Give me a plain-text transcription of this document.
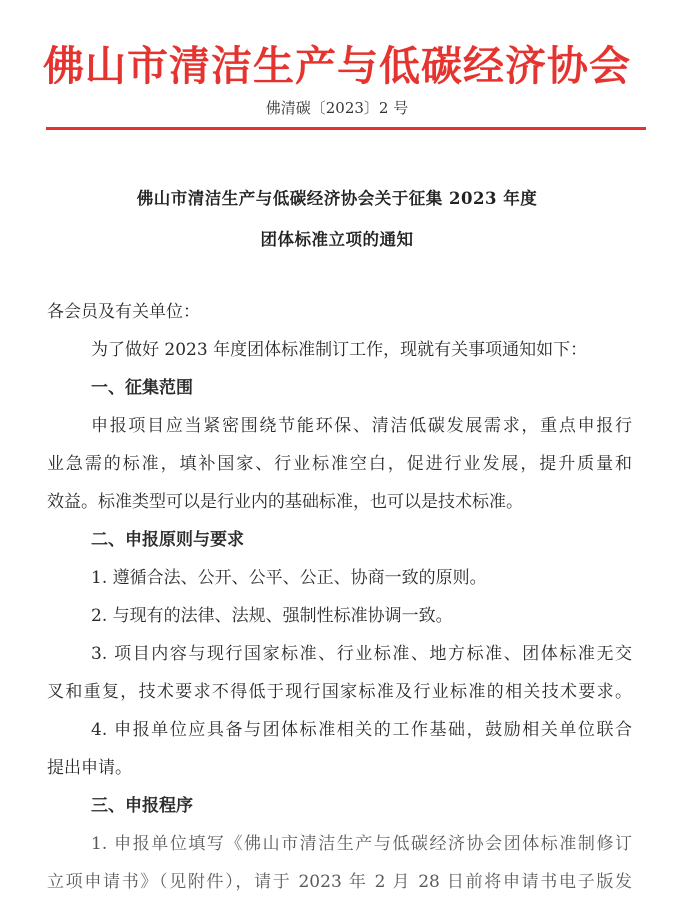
佛山市清洁生产与低碳经济协会
佛清碳〔2023〕2 号
佛山市清洁生产与低碳经济协会关于征集 2023 年度
团体标准立项的通知
各会员及有关单位：
为了做好 2023 年度团体标准制订工作，现就有关事项通知如下：
一、征集范围
申报项目应当紧密围绕节能环保、清洁低碳发展需求，重点申报行
业急需的标准，填补国家、行业标准空白，促进行业发展，提升质量和
效益。标准类型可以是行业内的基础标准，也可以是技术标准。
二、申报原则与要求
1. 遵循合法、公开、公平、公正、协商一致的原则。
2. 与现有的法律、法规、强制性标准协调一致。
3. 项目内容与现行国家标准、行业标准、地方标准、团体标准无交
叉和重复，技术要求不得低于现行国家标准及行业标准的相关技术要求。
4. 申报单位应具备与团体标准相关的工作基础，鼓励相关单位联合
提出申请。
三、申报程序
1. 申报单位填写《佛山市清洁生产与低碳经济协会团体标准制修订
立项申请书》（见附件），请于 2023 年 2 月 28 日前将申请书电子版发
